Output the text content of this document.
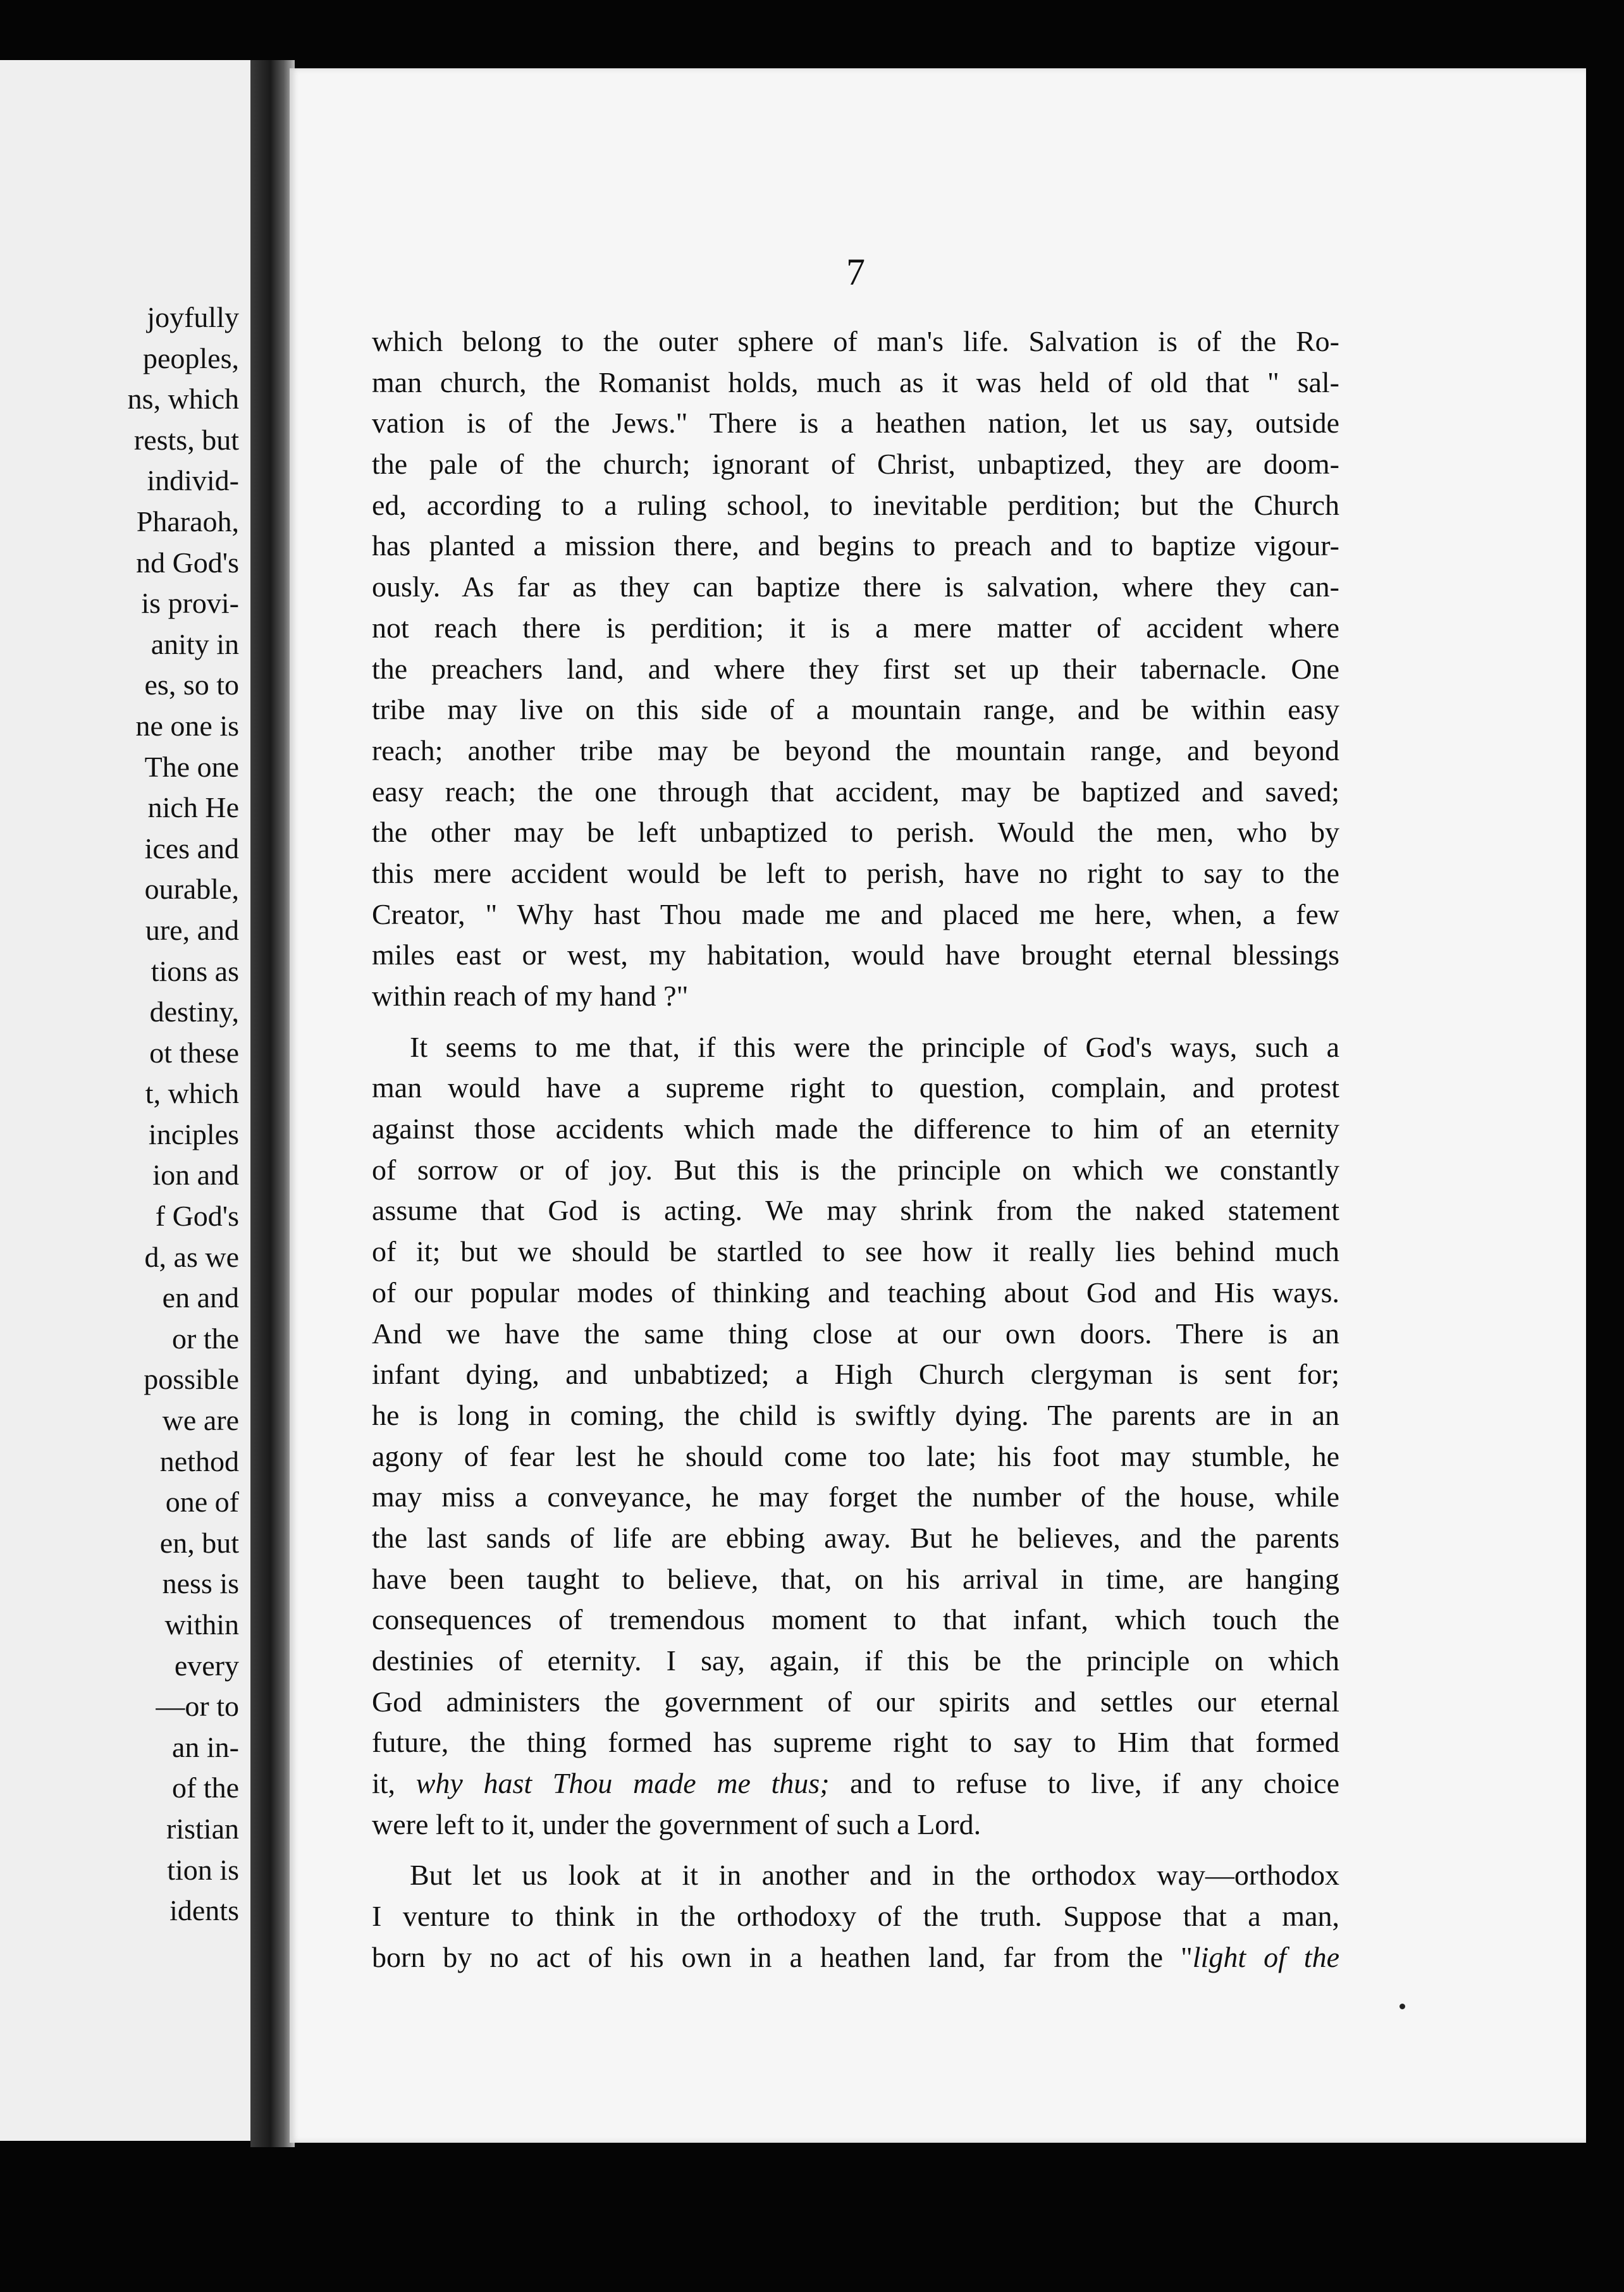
joyfully
peoples,
ns, which
rests, but
individ-
Pharaoh,
nd God's
is provi-
anity in
es, so to
ne one is
The one
nich He
ices and
ourable,
ure, and
tions as
destiny,
ot these
t, which
inciples
ion and
f God's
d, as we
en and
or the
possible
we are
nethod
one of
en, but
ness is
within
every
—or to
an in-
of the
ristian
tion is
idents
7
which belong to the outer sphere of man's life. Salvation is of the Ro-
man church, the Romanist holds, much as it was held of old that " sal-
vation is of the Jews." There is a heathen nation, let us say, outside
the pale of the church; ignorant of Christ, unbaptized, they are doom-
ed, according to a ruling school, to inevitable perdition; but the Church
has planted a mission there, and begins to preach and to baptize vigour-
ously. As far as they can baptize there is salvation, where they can-
not reach there is perdition; it is a mere matter of accident where
the preachers land, and where they first set up their tabernacle. One
tribe may live on this side of a mountain range, and be within easy
reach; another tribe may be beyond the mountain range, and beyond
easy reach; the one through that accident, may be baptized and saved;
the other may be left unbaptized to perish. Would the men, who by
this mere accident would be left to perish, have no right to say to the
Creator, " Why hast Thou made me and placed me here, when, a few
miles east or west, my habitation, would have brought eternal blessings
within reach of my hand ?"
It seems to me that, if this were the principle of God's ways, such a
man would have a supreme right to question, complain, and protest
against those accidents which made the difference to him of an eternity
of sorrow or of joy. But this is the principle on which we constantly
assume that God is acting. We may shrink from the naked statement
of it; but we should be startled to see how it really lies behind much
of our popular modes of thinking and teaching about God and His ways.
And we have the same thing close at our own doors. There is an
infant dying, and unbabtized; a High Church clergyman is sent for;
he is long in coming, the child is swiftly dying. The parents are in an
agony of fear lest he should come too late; his foot may stumble, he
may miss a conveyance, he may forget the number of the house, while
the last sands of life are ebbing away. But he believes, and the parents
have been taught to believe, that, on his arrival in time, are hanging
consequences of tremendous moment to that infant, which touch the
destinies of eternity. I say, again, if this be the principle on which
God administers the government of our spirits and settles our eternal
future, the thing formed has supreme right to say to Him that formed
it, why hast Thou made me thus; and to refuse to live, if any choice
were left to it, under the government of such a Lord.
But let us look at it in another and in the orthodox way—orthodox
I venture to think in the orthodoxy of the truth. Suppose that a man,
born by no act of his own in a heathen land, far from the "light of the
